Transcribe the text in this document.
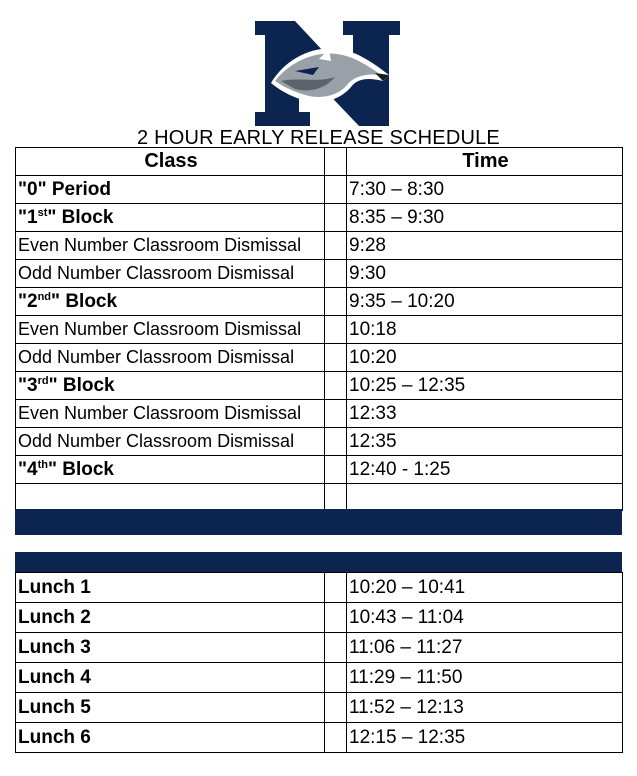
2 HOUR EARLY RELEASE SCHEDULE
Class		Time
"0" Period		7:30 – 8:30
"1st" Block		8:35 – 9:30
Even Number Classroom Dismissal		9:28
Odd Number Classroom Dismissal		9:30
"2nd" Block		9:35 – 10:20
Even Number Classroom Dismissal		10:18
Odd Number Classroom Dismissal		10:20
"3rd" Block		10:25 – 12:35
Even Number Classroom Dismissal		12:33
Odd Number Classroom Dismissal		12:35
"4th" Block		12:40 - 1:25

Lunch 1		10:20 – 10:41
Lunch 2		10:43 – 11:04
Lunch 3		11:06 – 11:27
Lunch 4		11:29 – 11:50
Lunch 5		11:52 – 12:13
Lunch 6		12:15 – 12:35
